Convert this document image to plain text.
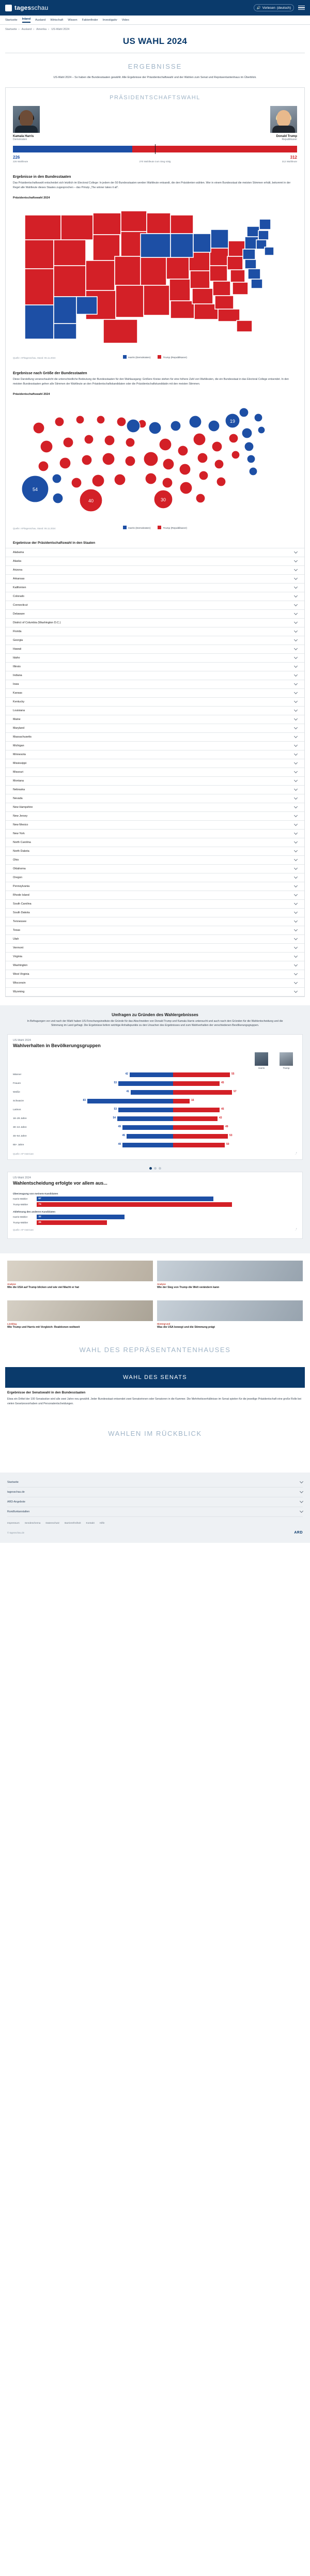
tagesschau	🔊 Vorlesen (deutsch)
Startseite Inland Ausland Wirtschaft Wissen Faktenfinder Investigativ Video
Startseite › Ausland › Amerika › US-Wahl 2024
US WAHL 2024
ERGEBNISSE
US-Wahl 2024 – So haben die Bundesstaaten gewählt. Alle Ergebnisse der Präsidentschaftswahl und der Wahlen zum Senat und Repräsentantenhaus im Überblick.
PRÄSIDENTSCHAFTSWAHL
Kamala Harris
Demokraten
Donald Trump
Republikaner
226	312
226 Wahlleute	270 Wahlleute zum Sieg nötig	312 Wahlleute
Ergebnisse in den Bundesstaaten
Das Präsidentschaftswahl entscheidet sich letztlich im Electoral College: In jedem der 50 Bundesstaaten werden Wahlleute entsandt, die den Präsidenten wählen. Wer in einem Bundesstaat die meisten Stimmen erhält, bekommt in der Regel alle Wahlleute dieses Staates zugesprochen – das Prinzip „The winner takes it all“.
Präsidentschaftswahl 2024
Harris (Demokraten)	Trump (Republikaner)
Quelle: AP/tagesschau, Stand: 06.11.2024
Ergebnisse nach Größe der Bundesstaaten
Diese Darstellung veranschaulicht die unterschiedliche Bedeutung der Bundesstaaten für den Wahlausgang: Größere Kreise stehen für eine höhere Zahl von Wahlleuten, die ein Bundesstaat in das Electoral College entsendet. In den meisten Bundesstaaten gehen alle Stimmen der Wahlleute an den Präsidentschaftskandidaten oder die Präsidentschaftskandidatin mit den meisten Stimmen.
Präsidentschaftswahl 2024
54
40	30
19
Harris (Demokraten)	Trump (Republikaner)
Quelle: AP/tagesschau, Stand: 06.11.2024
Ergebnisse der Präsidentschaftswahl in den Staaten
Alabama
Alaska
Arizona
Arkansas
Kalifornien
Colorado
Connecticut
Delaware
District of Columbia (Washington D.C.)
Florida
Georgia
Hawaii
Idaho
Illinois
Indiana
Iowa
Kansas
Kentucky
Louisiana
Maine
Maryland
Massachusetts
Michigan
Minnesota
Mississippi
Missouri
Montana
Nebraska
Nevada
New Hampshire
New Jersey
New Mexico
New York
North Carolina
North Dakota
Ohio
Oklahoma
Oregon
Pennsylvania
Rhode Island
South Carolina
South Dakota
Tennessee
Texas
Utah
Vermont
Virginia
Washington
West Virginia
Wisconsin
Wyoming
Umfragen zu Gründen des Wahlergebnisses
In Befragungen vor und nach der Wahl haben US-Forschungsinstitute die Gründe für das Abschneiden von Donald Trump und Kamala Harris untersucht und auch nach den Gründen für die Wahlentscheidung und die Stimmung im Land gefragt. Die Ergebnisse liefern wichtige Anhaltspunkte zu den Ursachen des Ergebnisses und zum Wahlverhalten der verschiedenen Bevölkerungsgruppen.
US-Wahl 2024
Wahlverhalten in Bevölkerungsgruppen
Harris	Trump
Männer	42	55
Frauen	53	45
Weiße	41	57
Schwarze	83	16
Latinos	53	45
18–29 Jahre	54	43
30–44 Jahre	49	49
45–64 Jahre	45	53
65+ Jahre	49	50
Quelle: AP VoteCast	⤴
US-Wahl 2024
Wahlentscheidung erfolgte vor allem aus...
Überzeugung von meinem Kandidaten
Harris-Wähler	67
Trump-Wähler	74
Ablehnung des anderen Kandidaten
Harris-Wähler	32
Trump-Wähler	25
Quelle: AP VoteCast	⤴
Analyse
Wie die USA auf Trump blicken und wie viel Macht er hat
Analyse
Wie der Sieg von Trump die Welt verändern kann
Liveblog
Wie Trump und Harris mit Vergleich: Reaktionen weltweit
Hintergrund
Was die USA bewegt und die Stimmung prägt
WAHL DES REPRÄSENTANTENHAUSES
WAHL DES SENATS
Ergebnisse der Senatswahl in den Bundesstaaten

Etwa ein Drittel der 100 Senatssitze wird alle zwei Jahre neu gewählt. Jeder Bundesstaat entsendet zwei Senatorinnen oder Senatoren in die Kammer. Die Mehrheitsverhältnisse im Senat spielen für die jeweilige Präsidentschaft eine große Rolle bei vielen Gesetzesvorhaben und Personalentscheidungen.

WAHLEN IM RÜCKBLICK
Startseite
tagesschau.de
ARD-Angebote
Rundfunkanstalten
Impressum Sendeschema Datenschutz Barrierefreiheit Kontakt Hilfe
© tagesschau.de	ARD
